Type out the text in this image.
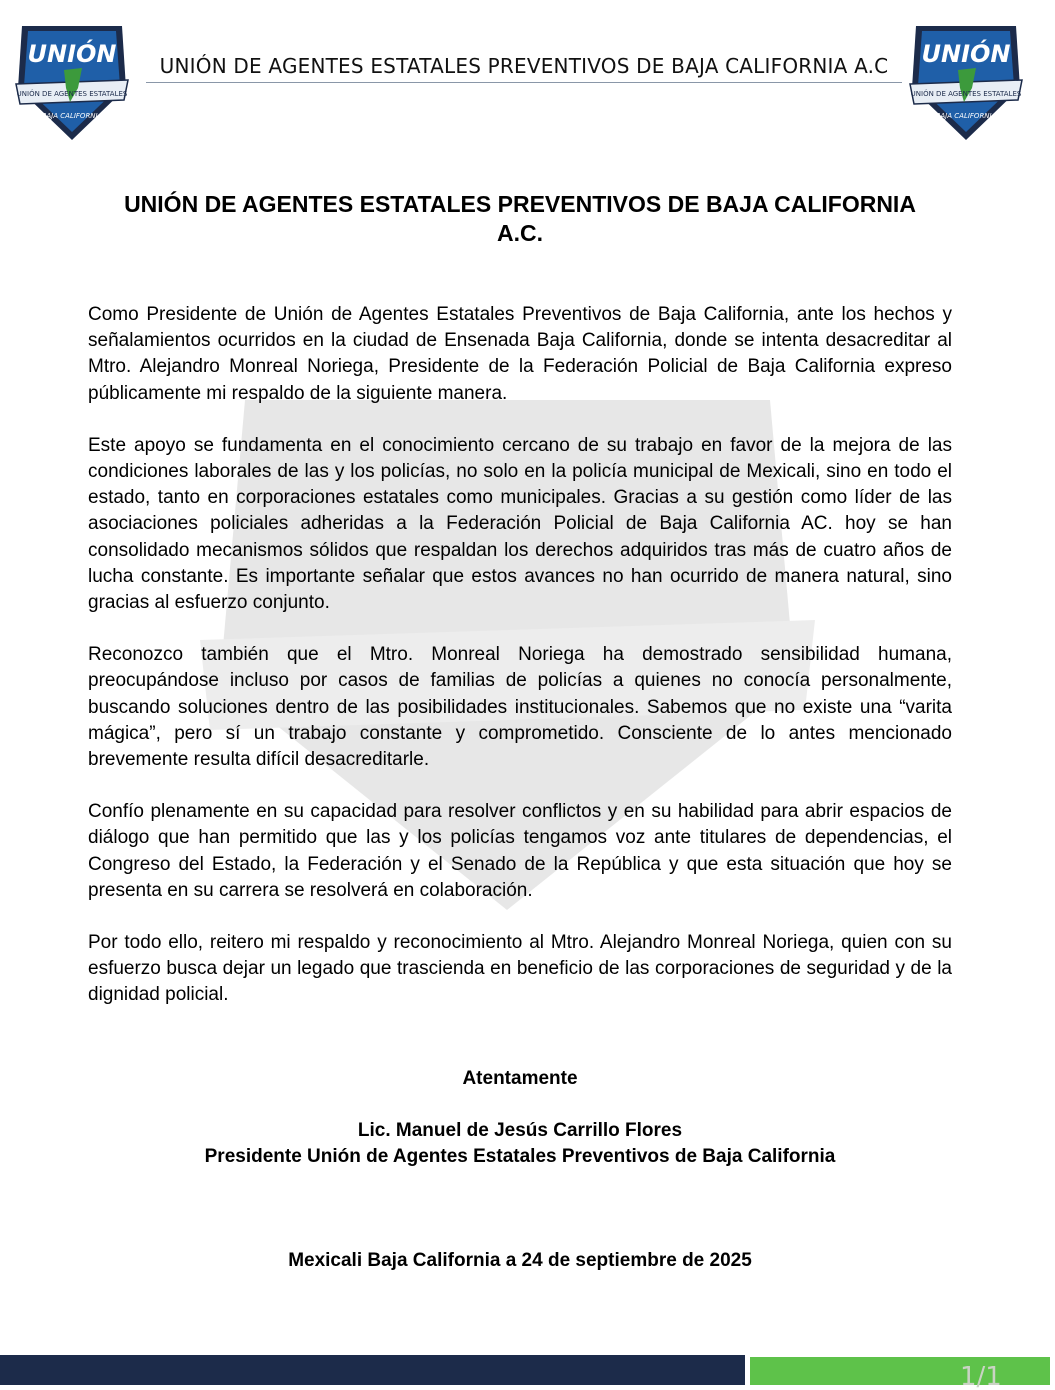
UNIÓN
UNIÓN DE AGENTES ESTATALES
BAJA CALIFORNIA
UNIÓN DE AGENTES ESTATALES PREVENTIVOS DE BAJA CALIFORNIA A.C	UNIÓN
UNIÓN DE AGENTES ESTATALES
BAJA CALIFORNIA
UNIÓN DE AGENTES ESTATALES PREVENTIVOS DE BAJA CALIFORNIA
A.C.

Como Presidente de Unión de Agentes Estatales Preventivos de Baja California, ante los hechos y señalamientos ocurridos en la ciudad de Ensenada Baja California, donde se intenta desacreditar al Mtro. Alejandro Monreal Noriega, Presidente de la Federación Policial de Baja California expreso públicamente mi respaldo de la siguiente manera.

Este apoyo se fundamenta en el conocimiento cercano de su trabajo en favor de la mejora de las condiciones laborales de las y los policías, no solo en la policía municipal de Mexicali, sino en todo el estado, tanto en corporaciones estatales como municipales. Gracias a su gestión como líder de las asociaciones policiales adheridas a la Federación Policial de Baja California AC. hoy se han consolidado mecanismos sólidos que respaldan los derechos adquiridos tras más de cuatro años de lucha constante. Es importante señalar que estos avances no han ocurrido de manera natural, sino gracias al esfuerzo conjunto.

Reconozco también que el Mtro. Monreal Noriega ha demostrado sensibilidad humana, preocupándose incluso por casos de familias de policías a quienes no conocía personalmente, buscando soluciones dentro de las posibilidades institucionales. Sabemos que no existe una “varita mágica”, pero sí un trabajo constante y comprometido. Consciente de lo antes mencionado brevemente resulta difícil desacreditarle.

Confío plenamente en su capacidad para resolver conflictos y en su habilidad para abrir espacios de diálogo que han permitido que las y los policías tengamos voz ante titulares de dependencias, el Congreso del Estado, la Federación y el Senado de la República y que esta situación que hoy se presenta en su carrera se resolverá en colaboración.

Por todo ello, reitero mi respaldo y reconocimiento al Mtro. Alejandro Monreal Noriega, quien con su esfuerzo busca dejar un legado que trascienda en beneficio de las corporaciones de seguridad y de la dignidad policial.

Atentamente
Lic. Manuel de Jesús Carrillo Flores
Presidente Unión de Agentes Estatales Preventivos de Baja California
Mexicali Baja California a 24 de septiembre de 2025
1/1
